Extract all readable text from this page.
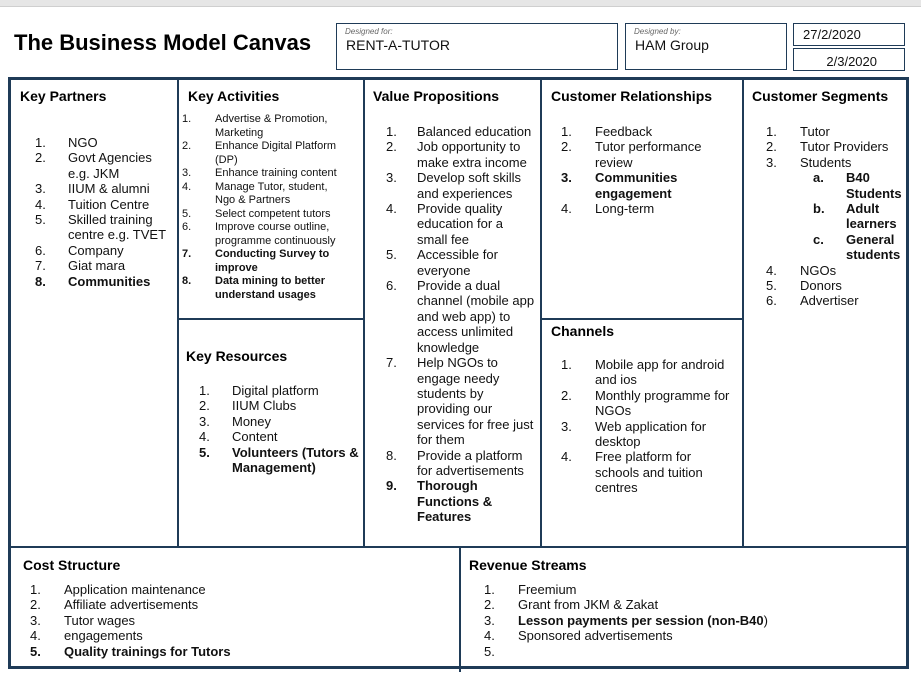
The Business Model Canvas	Designed for:
RENT-A-TUTOR
Designed by:
HAM Group
27/2/2020
2/3/2020
Key Partners
1.	NGO
2.	Govt Agencies e.g. JKM
3.	IIUM & alumni
4.	Tuition Centre
5.	Skilled training centre e.g. TVET
6.	Company
7.	Giat mara
8.	Communities
Key Activities
1.	Advertise & Promotion, Marketing
2.	Enhance Digital Platform (DP)
3.	Enhance training content
4.	Manage Tutor, student, Ngo & Partners
5.	Select competent tutors
6.	Improve course outline, programme continuously
7.	Conducting Survey to improve
8.	Data mining to better understand usages
Key Resources
1.	Digital platform
2.	IIUM Clubs
3.	Money
4.	Content
5.	Volunteers (Tutors & Management)
Value Propositions
1.	Balanced education
2.	Job opportunity to make extra income
3.	Develop soft skills and experiences
4.	Provide quality education for a small fee
5.	Accessible for everyone
6.	Provide a dual channel (mobile app and web app) to access unlimited knowledge
7.	Help NGOs to engage needy students by providing our services for free just for them
8.	Provide a platform for advertisements
9.	Thorough Functions & Features
Customer Relationships
1.	Feedback
2.	Tutor performance review
3.	Communities engagement
4.	Long-term
Channels
1.	Mobile app for android and ios
2.	Monthly programme for NGOs
3.	Web application for desktop
4.	Free platform for schools and tuition centres
Customer Segments
1.	Tutor
2.	Tutor Providers
3.	Students
a.	B40 Students
b.	Adult learners
c.	General students
4.	NGOs
5.	Donors
6.	Advertiser
Cost Structure
1.	Application maintenance
2.	Affiliate advertisements
3.	Tutor wages
4.	engagements
5.	Quality trainings for Tutors
Revenue Streams
1.	Freemium
2.	Grant from JKM & Zakat
3.	Lesson payments per session (non-B40)
4.	Sponsored advertisements
5.
